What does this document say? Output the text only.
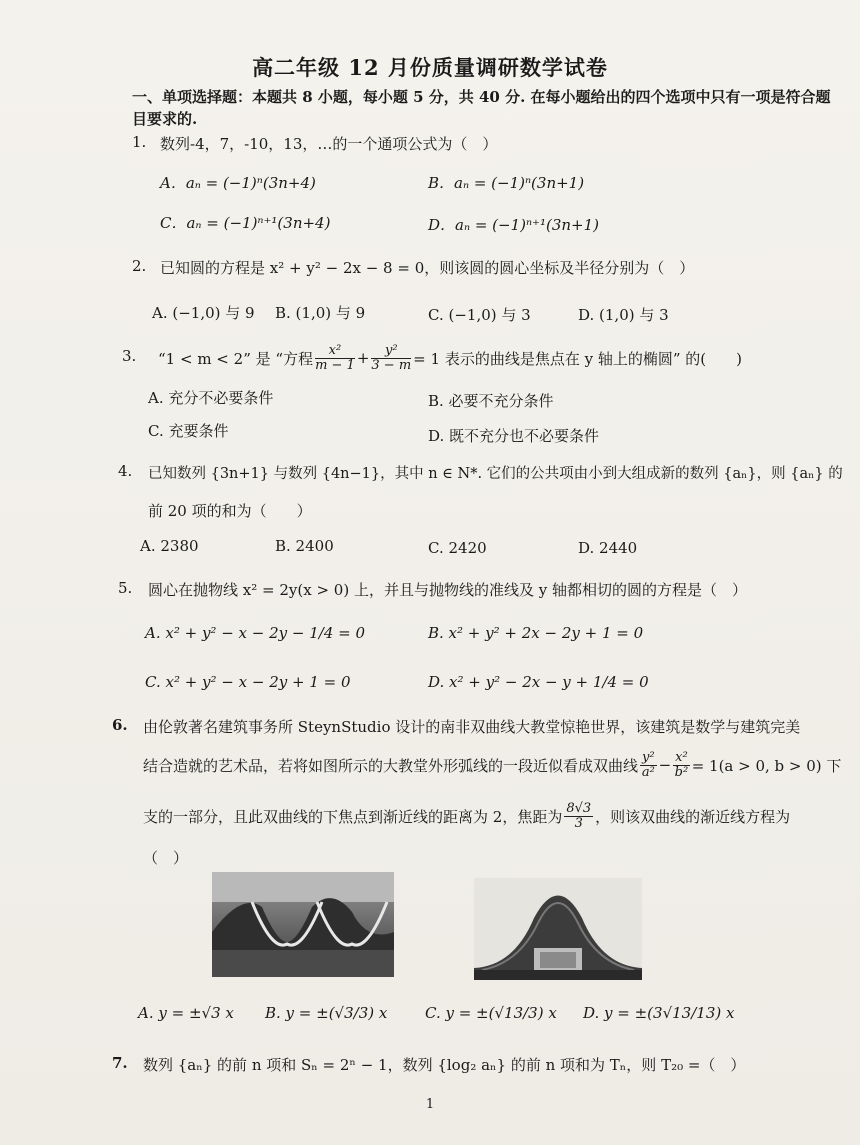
高二年级 12 月份质量调研数学试卷
一、单项选择题：本题共 8 小题，每小题 5 分，共 40 分. 在每小题给出的四个选项中只有一项是符合题目要求的.
1. 数列-4，7，-10，13，…的一个通项公式为（　）
A．aₙ = (−1)ⁿ(3n+4)	B．aₙ = (−1)ⁿ(3n+1)
C．aₙ = (−1)ⁿ⁺¹(3n+4)	D．aₙ = (−1)ⁿ⁺¹(3n+1)
2. 已知圆的方程是 x² + y² − 2x − 8 = 0，则该圆的圆心坐标及半径分别为（　）
A. (−1,0) 与 9 B. (1,0) 与 9	C. (−1,0) 与 3	D. (1,0) 与 3
3. “1 < m < 2” 是 “方程 $\frac{\text{x²}}{m - 1} + \frac{\text{y²}}{3 - m} = 1$ 表示的曲线是焦点在 y 轴上的椭圆” 的(　　)
A. 充分不必要条件	B. 必要不充分条件
C. 充要条件	D. 既不充分也不必要条件
4. 已知数列 {3n+1} 与数列 {4n−1}，其中 n ∈ N*. 它们的公共项由小到大组成新的数列 {aₙ}，则 {aₙ} 的
前 20 项的和为（　　）
A. 2380	B. 2400	C. 2420	D. 2440
5. 圆心在抛物线 x² = 2y(x > 0) 上，并且与抛物线的准线及 y 轴都相切的圆的方程是（　）
A. x² + y² − x − 2y − 1/4 = 0	B. x² + y² + 2x − 2y + 1 = 0
C. x² + y² − x − 2y + 1 = 0	D. x² + y² − 2x − y + 1/4 = 0
6. 由伦敦著名建筑事务所 SteynStudio 设计的南非双曲线大教堂惊艳世界，该建筑是数学与建筑完美
结合造就的艺术品，若将如图所示的大教堂外形弧线的一段近似看成双曲线 $\frac{\text{y²}}{\text{a²}} - \frac{\text{x²}}{\text{b²}} = 1(a > 0$, b > 0) 下
支的一部分，且此双曲线的下焦点到渐近线的距离为 2，焦距为 $\frac{8√3}{3}$ ，则该双曲线的渐近线方程为
（　）
A. y = ±√3 x B. y = ±(√3/3) x	C. y = ±(√13/3) x D. y = ±(3√13/13) x
7. 数列 {aₙ} 的前 n 项和 Sₙ = 2ⁿ − 1，数列 {log₂ aₙ} 的前 n 项和为 Tₙ，则 T₂₀ =（　）
1
